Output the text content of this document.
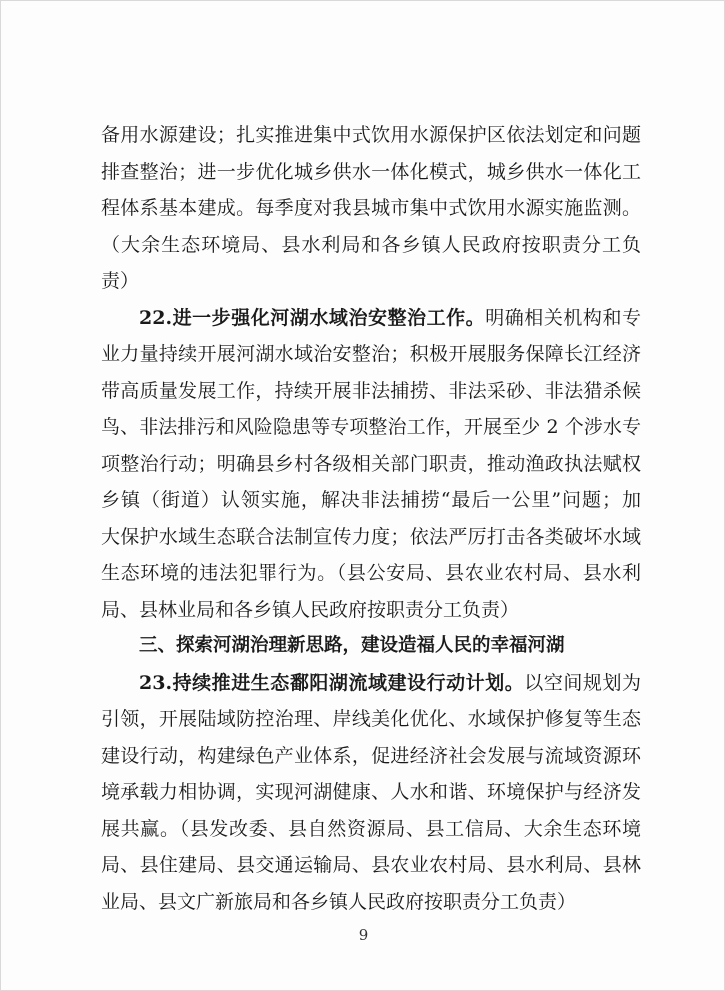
备用水源建设；扎实推进集中式饮用水源保护区依法划定和问题
排查整治；进一步优化城乡供水一体化模式，城乡供水一体化工
程体系基本建成。每季度对我县城市集中式饮用水源实施监测。
（大余生态环境局、县水利局和各乡镇人民政府按职责分工负
责）
22.进一步强化河湖水域治安整治工作。明确相关机构和专
业力量持续开展河湖水域治安整治；积极开展服务保障长江经济
带高质量发展工作，持续开展非法捕捞、非法采砂、非法猎杀候
鸟、非法排污和风险隐患等专项整治工作，开展至少 2 个涉水专
项整治行动；明确县乡村各级相关部门职责，推动渔政执法赋权
乡镇（街道）认领实施，解决非法捕捞“最后一公里”问题；加
大保护水域生态联合法制宣传力度；依法严厉打击各类破坏水域
生态环境的违法犯罪行为。（县公安局、县农业农村局、县水利
局、县林业局和各乡镇人民政府按职责分工负责）
三、探索河湖治理新思路，建设造福人民的幸福河湖
23.持续推进生态鄱阳湖流域建设行动计划。以空间规划为
引领，开展陆域防控治理、岸线美化优化、水域保护修复等生态
建设行动，构建绿色产业体系，促进经济社会发展与流域资源环
境承载力相协调，实现河湖健康、人水和谐、环境保护与经济发
展共赢。（县发改委、县自然资源局、县工信局、大余生态环境
局、县住建局、县交通运输局、县农业农村局、县水利局、县林
业局、县文广新旅局和各乡镇人民政府按职责分工负责）
9
